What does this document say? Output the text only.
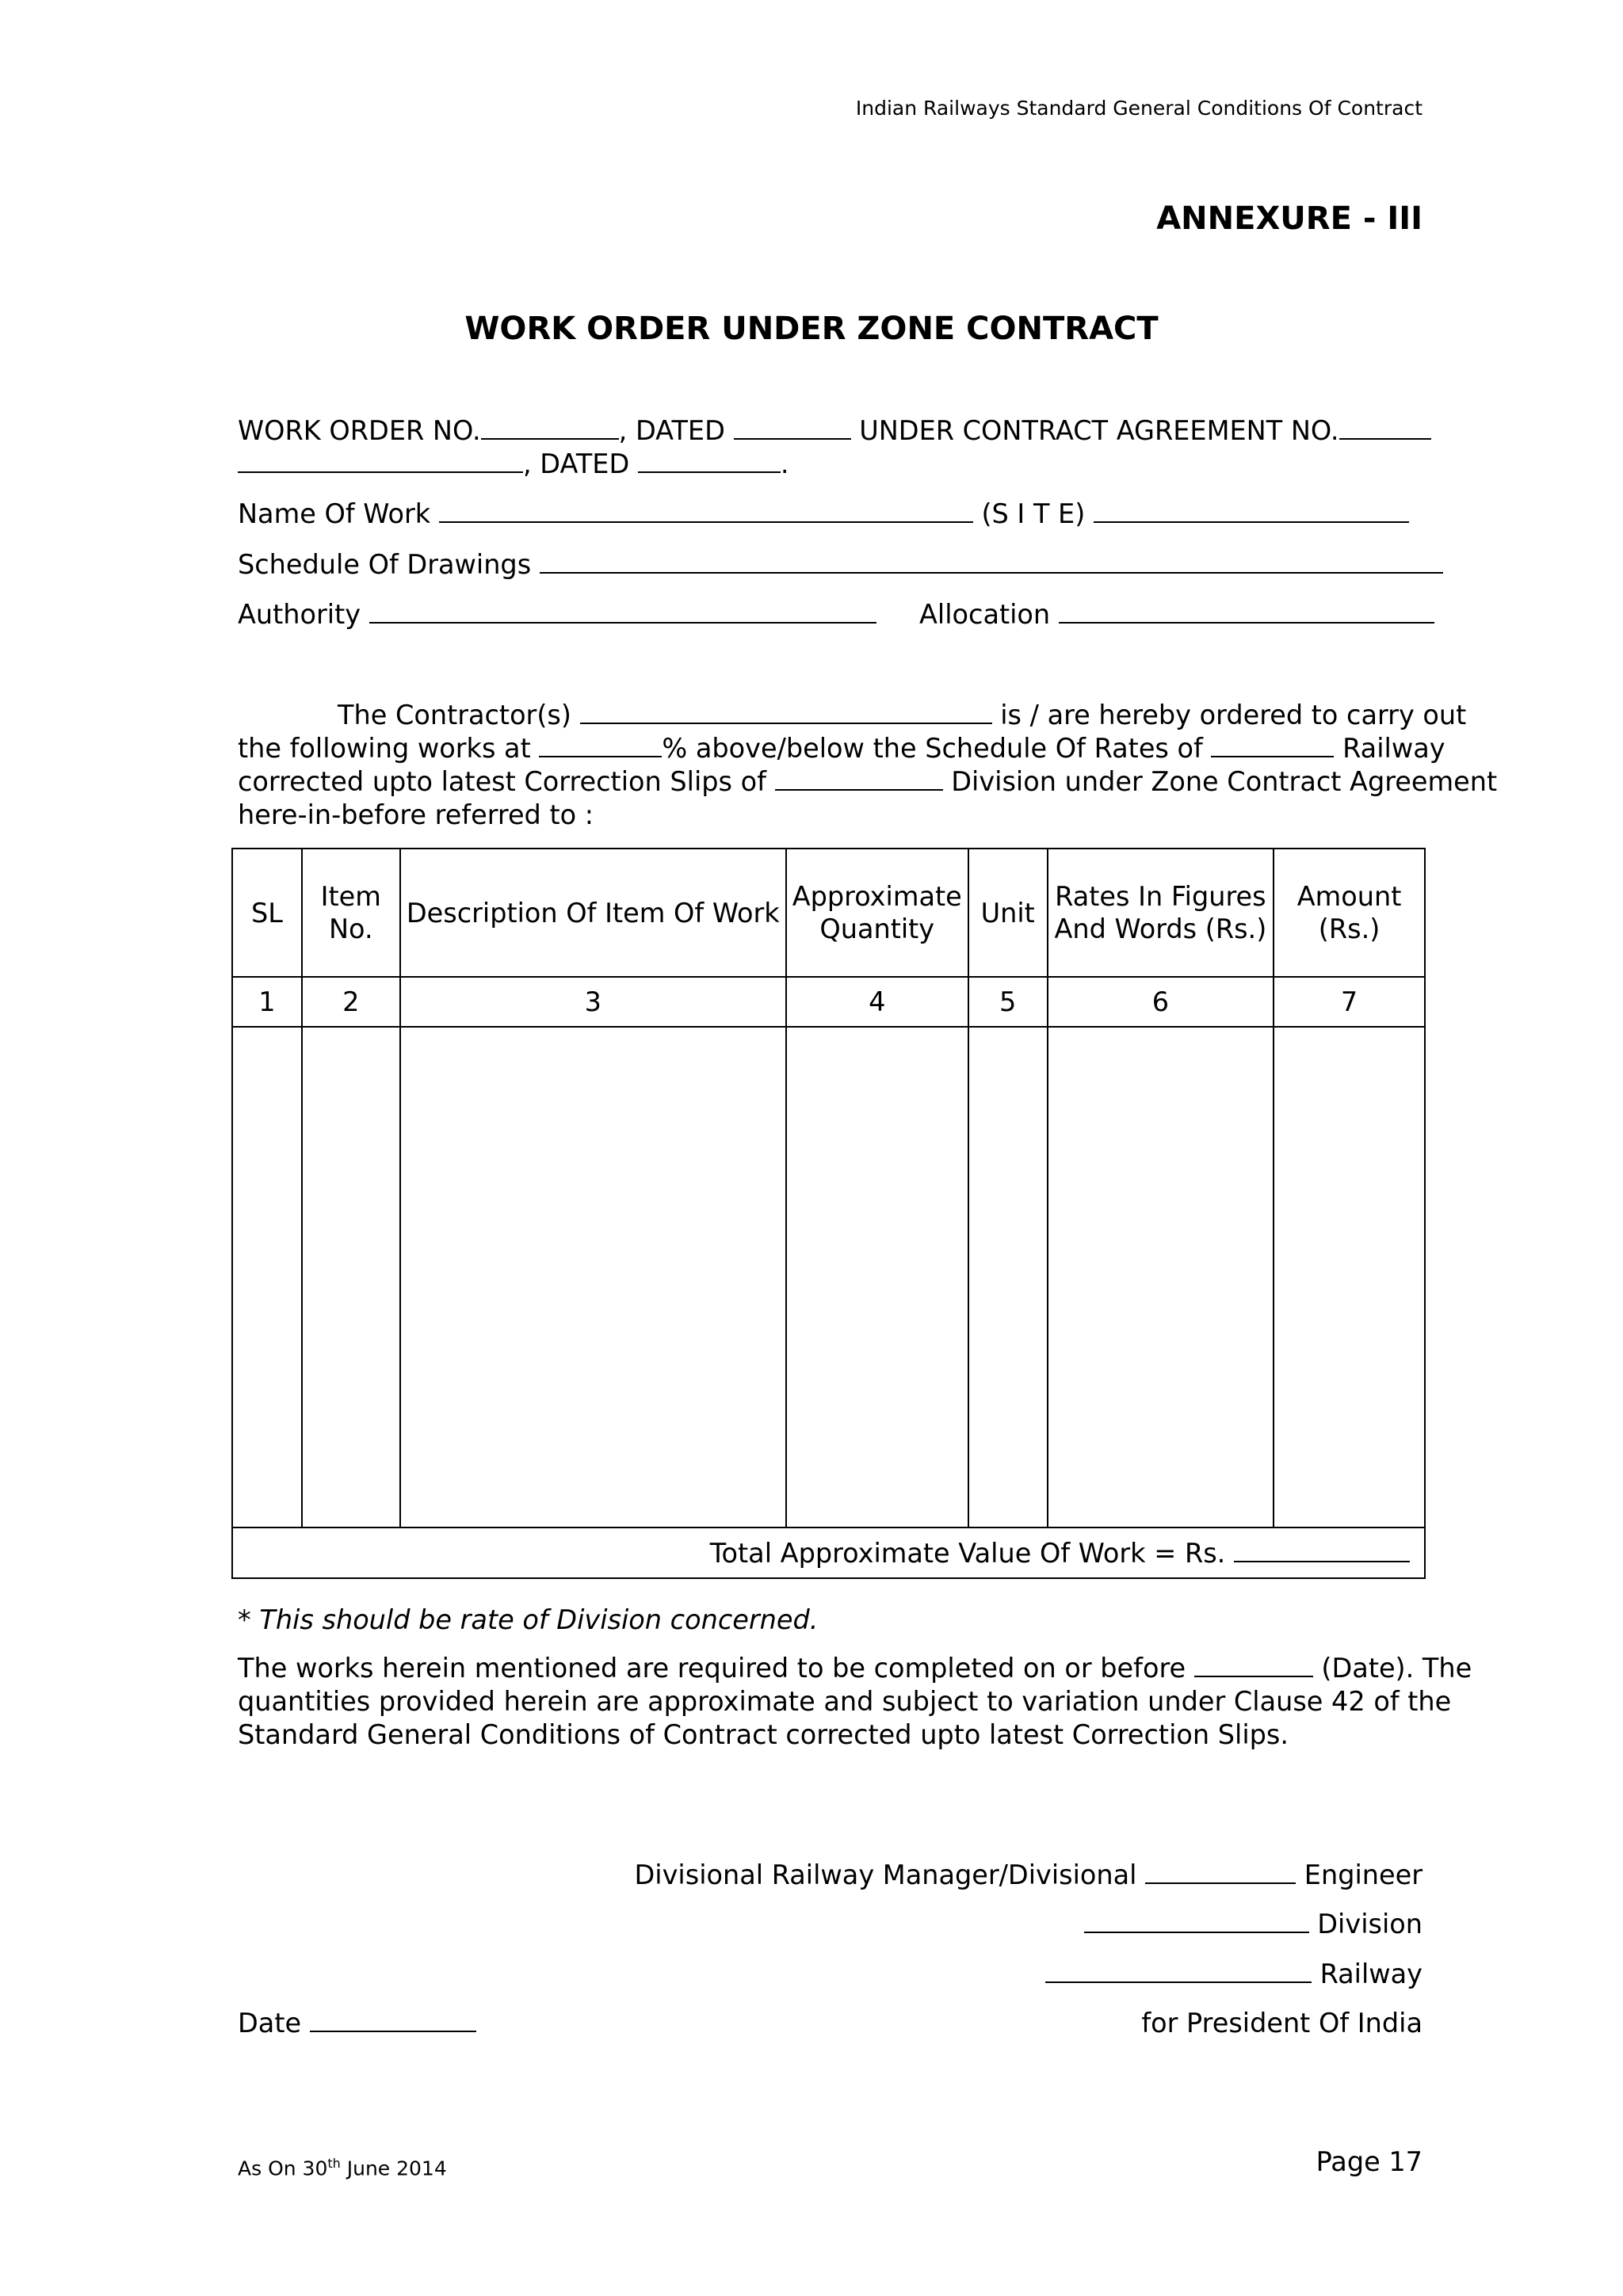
Indian Railways Standard General Conditions Of Contract
ANNEXURE - III
WORK ORDER UNDER ZONE CONTRACT
WORK ORDER NO.	, DATED	UNDER CONTRACT AGREEMENT NO.
, DATED	.
Name Of Work	(S I T E)
Schedule Of Drawings
Authority	Allocation
The Contractor(s)	is / are hereby ordered to carry out
the following works at	% above/below the Schedule Of Rates of	Railway
corrected upto latest Correction Slips of	Division under Zone Contract Agreement
here-in-before referred to :
SL	Item No.	Description Of Item Of Work	Approximate Quantity	Unit	Rates In Figures And Words (Rs.)	Amount (Rs.)
1	2	3	4	5	6	7

Total Approximate Value Of Work = Rs.						
* This should be rate of Division concerned.
The works herein mentioned are required to be completed on or before	(Date). The
quantities provided herein are approximate and subject to variation under Clause 42 of the
Standard General Conditions of Contract corrected upto latest Correction Slips.
Divisional Railway Manager/Divisional	Engineer
Division
Railway
for President Of India
Date
As On 30th June 2014	Page 17
